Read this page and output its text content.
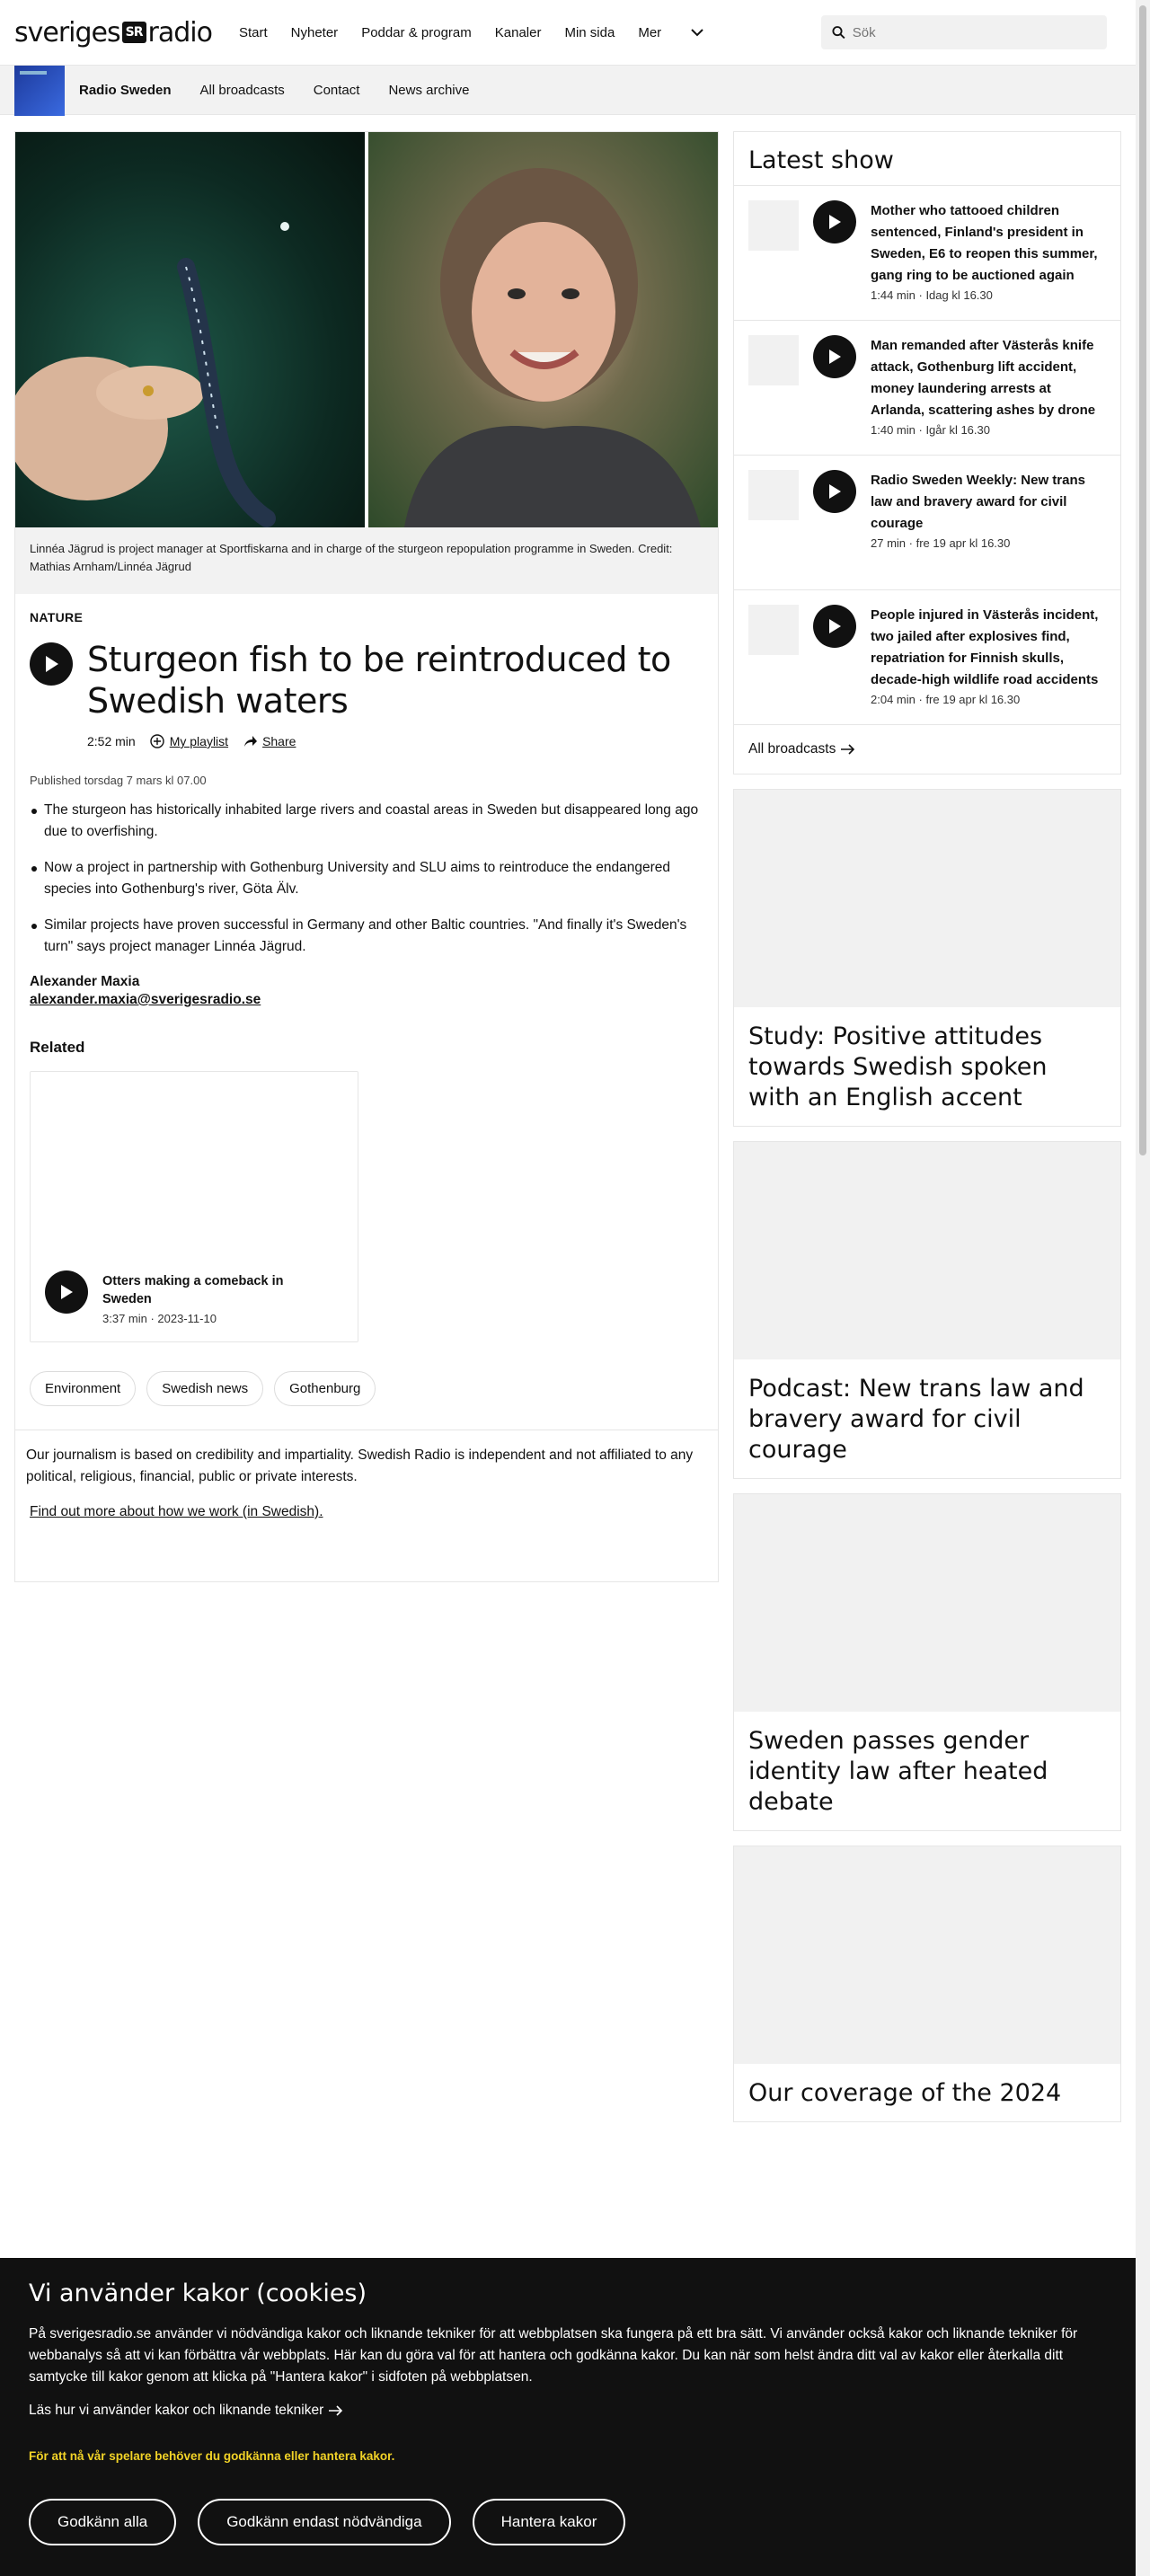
sveriges SR radio Start Nyheter Poddar & program Kanaler Min sida Mer
Sök
Radio Sweden All broadcasts Contact News archive
Linnéa Jägrud is project manager at Sportfiskarna and in charge of the sturgeon repopulation programme in Sweden. Credit: Mathias Arnham/Linnéa Jägrud
NATURE
Sturgeon fish to be reintroduced to Swedish waters
2:52 min	My playlist	Share
Published torsdag 7 mars kl 07.00
The sturgeon has historically inhabited large rivers and coastal areas in Sweden but disappeared long ago due to overfishing.
Now a project in partnership with Gothenburg University and SLU aims to reintroduce the endangered species into Gothenburg's river, Göta Älv.
Similar projects have proven successful in Germany and other Baltic countries. "And finally it's Sweden's turn" says project manager Linnéa Jägrud.
Alexander Maxia
alexander.maxia@sverigesradio.se
Related
Otters making a comeback in Sweden
3:37 min · 2023-11-10
Environment	Swedish news	Gothenburg

Our journalism is based on credibility and impartiality. Swedish Radio is independent and not affiliated to any political, religious, financial, public or private interests.

Find out more about how we work (in Swedish).
Latest show
Mother who tattooed children sentenced, Finland's president in Sweden, E6 to reopen this summer, gang ring to be auctioned again
1:44 min · Idag kl 16.30
Man remanded after Västerås knife attack, Gothenburg lift accident, money laundering arrests at Arlanda, scattering ashes by drone
1:40 min · Igår kl 16.30
Radio Sweden Weekly: New trans law and bravery award for civil courage
27 min · fre 19 apr kl 16.30
People injured in Västerås incident, two jailed after explosives find, repatriation for Finnish skulls, decade-high wildlife road accidents
2:04 min · fre 19 apr kl 16.30
All broadcasts
Study: Positive attitudes towards Swedish spoken with an English accent
Podcast: New trans law and bravery award for civil courage
Sweden passes gender identity law after heated debate
Our coverage of the 2024
Vi använder kakor (cookies)

På sverigesradio.se använder vi nödvändiga kakor och liknande tekniker för att webbplatsen ska fungera på ett bra sätt. Vi använder också kakor och liknande tekniker för webbanalys så att vi kan förbättra vår webbplats. Här kan du göra val för att hantera och godkänna kakor. Du kan när som helst ändra ditt val av kakor eller återkalla ditt samtycke till kakor genom att klicka på "Hantera kakor" i sidfoten på webbplatsen.

Läs hur vi använder kakor och liknande tekniker
För att nå vår spelare behöver du godkänna eller hantera kakor.
Godkänn alla	Godkänn endast nödvändiga	Hantera kakor
